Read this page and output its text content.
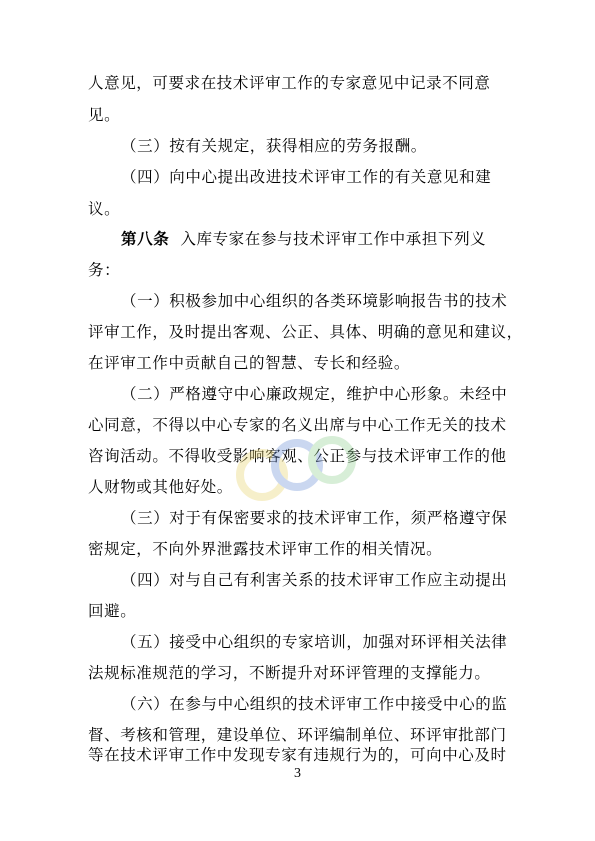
人意见，可要求在技术评审工作的专家意见中记录不同意
见。
（三）按有关规定，获得相应的劳务报酬。
（四）向中心提出改进技术评审工作的有关意见和建
议。
第八条 入库专家在参与技术评审工作中承担下列义
务：
（一）积极参加中心组织的各类环境影响报告书的技术
评审工作，及时提出客观、公正、具体、明确的意见和建议，
在评审工作中贡献自己的智慧、专长和经验。
（二）严格遵守中心廉政规定，维护中心形象。未经中
心同意，不得以中心专家的名义出席与中心工作无关的技术
咨询活动。不得收受影响客观、公正参与技术评审工作的他
人财物或其他好处。
（三）对于有保密要求的技术评审工作，须严格遵守保
密规定，不向外界泄露技术评审工作的相关情况。
（四）对与自己有利害关系的技术评审工作应主动提出
回避。
（五）接受中心组织的专家培训，加强对环评相关法律
法规标准规范的学习，不断提升对环评管理的支撑能力。
（六）在参与中心组织的技术评审工作中接受中心的监
督、考核和管理，建设单位、环评编制单位、环评审批部门
等在技术评审工作中发现专家有违规行为的，可向中心及时
3
